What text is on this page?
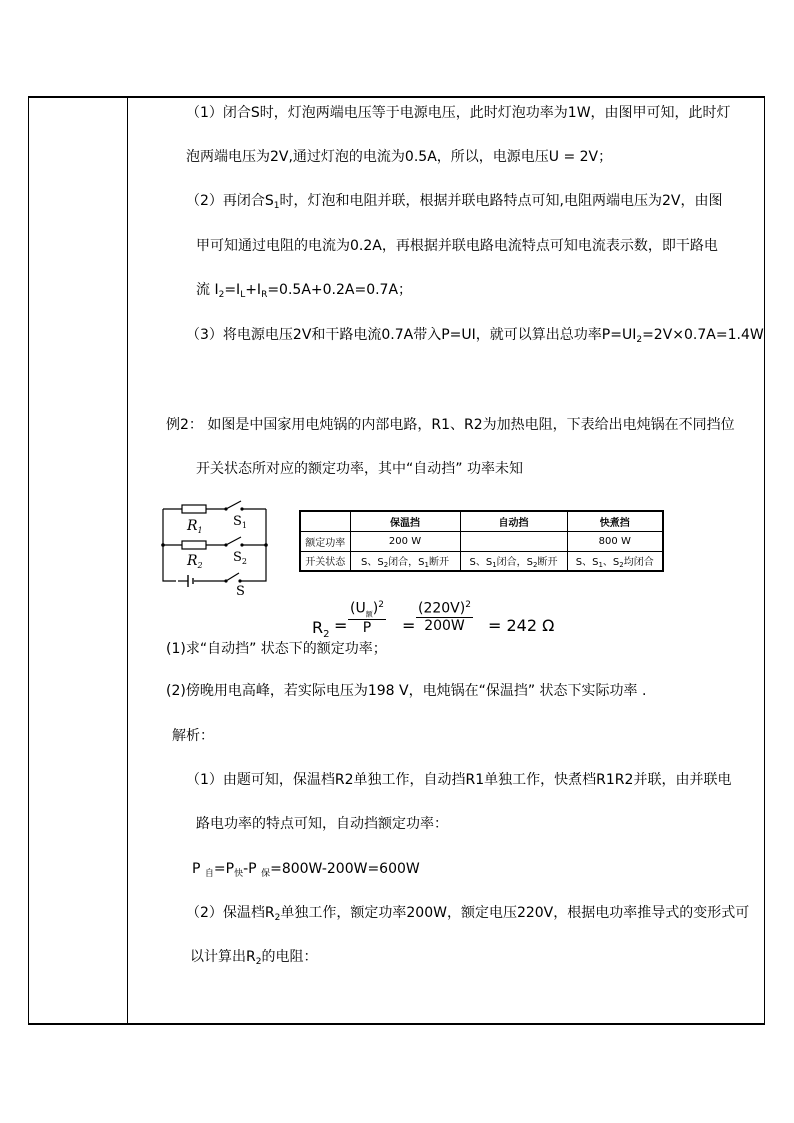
（1）闭合S时，灯泡两端电压等于电源电压，此时灯泡功率为1W，由图甲可知，此时灯
泡两端电压为2V,通过灯泡的电流为0.5A，所以，电源电压U = 2V；
（2）再闭合$S_1$时，灯泡和电阻并联，根据并联电路特点可知,电阻两端电压为2V，由图
甲可知通过电阻的电流为0.2A，再根据并联电路电流特点可知电流表示数，即干路电
流 $I_2=I_L+I_R=0.5A+0.2A=0.7A$；
（3）将电源电压2V和干路电流0.7A带入P=UI，就可以算出总功率$P=UI_2=2V\times 0.7A=1.4W$
例2： 如图是中国家用电炖锅的内部电路，R1、R2为加热电阻，下表给出电炖锅在不同挡位
开关状态所对应的额定功率，其中“自动挡” 功率未知
$R_1$
$R_2$
$S_1$
$S_2$
S
	保温挡	自动挡	快煮挡
额定功率	200 W		800 W
开关状态	S、$S_2$闭合，$S_1$断开	S、$S_1$闭合，$S_2$断开	S、$S_1$、$S_2$均闭合
$R_2$ =
$(U_额)^2$
P	= $\frac{(220V)^2}{200W} = 242$ Ω
(1)求“自动挡” 状态下的额定功率；
(2)傍晚用电高峰，若实际电压为198 V，电炖锅在“保温挡” 状态下实际功率 .
解析：
（1）由题可知，保温档R2单独工作，自动挡R1单独工作，快煮档R1R2并联，由并联电
路电功率的特点可知，自动挡额定功率：
P $_自=P_快-P$ $_保$=800W-200W=600W
（2）保温档$R_2$单独工作，额定功率200W，额定电压220V，根据电功率推导式的变形式可
以计算出$R_2$的电阻：
